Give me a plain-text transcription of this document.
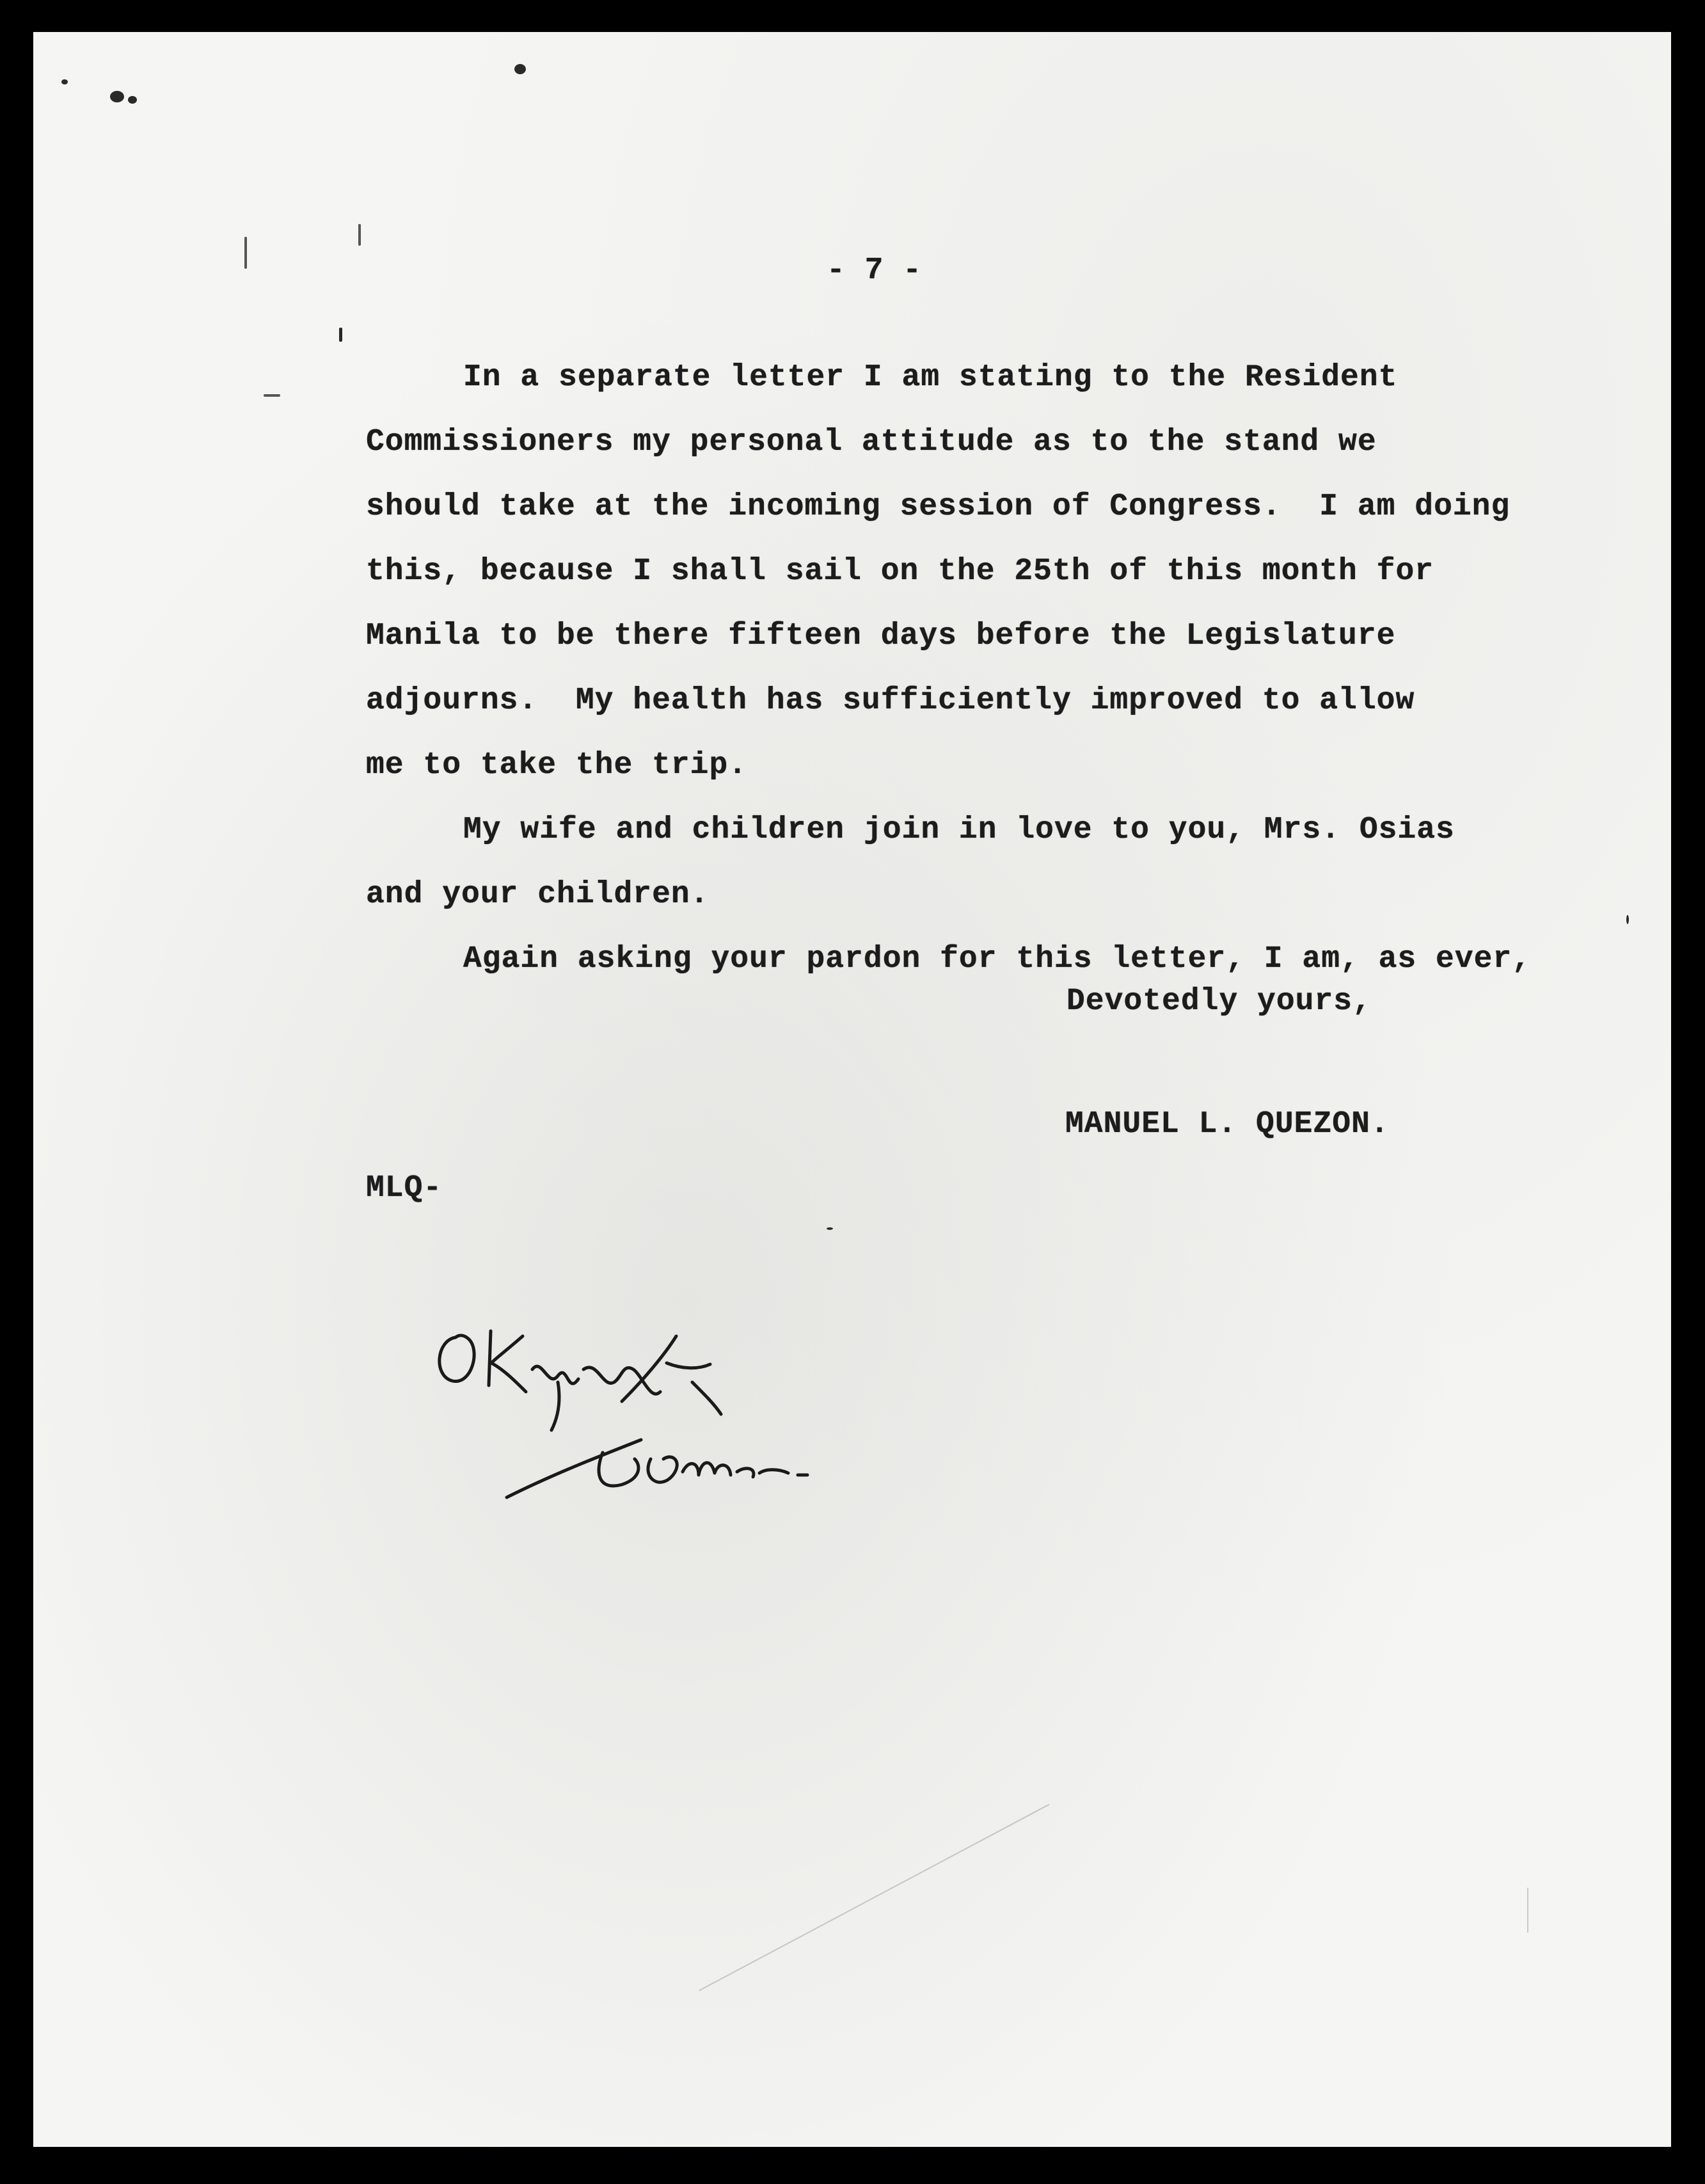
- 7 -
In a separate letter I am stating to the Resident
Commissioners my personal attitude as to the stand we
should take at the incoming session of Congress.  I am doing
this, because I shall sail on the 25th of this month for
Manila to be there fifteen days before the Legislature
adjourns.  My health has sufficiently improved to allow
me to take the trip.
My wife and children join in love to you, Mrs. Osias
and your children.
Again asking your pardon for this letter, I am, as ever,
Devotedly yours,
MANUEL L. QUEZON.
MLQ-
